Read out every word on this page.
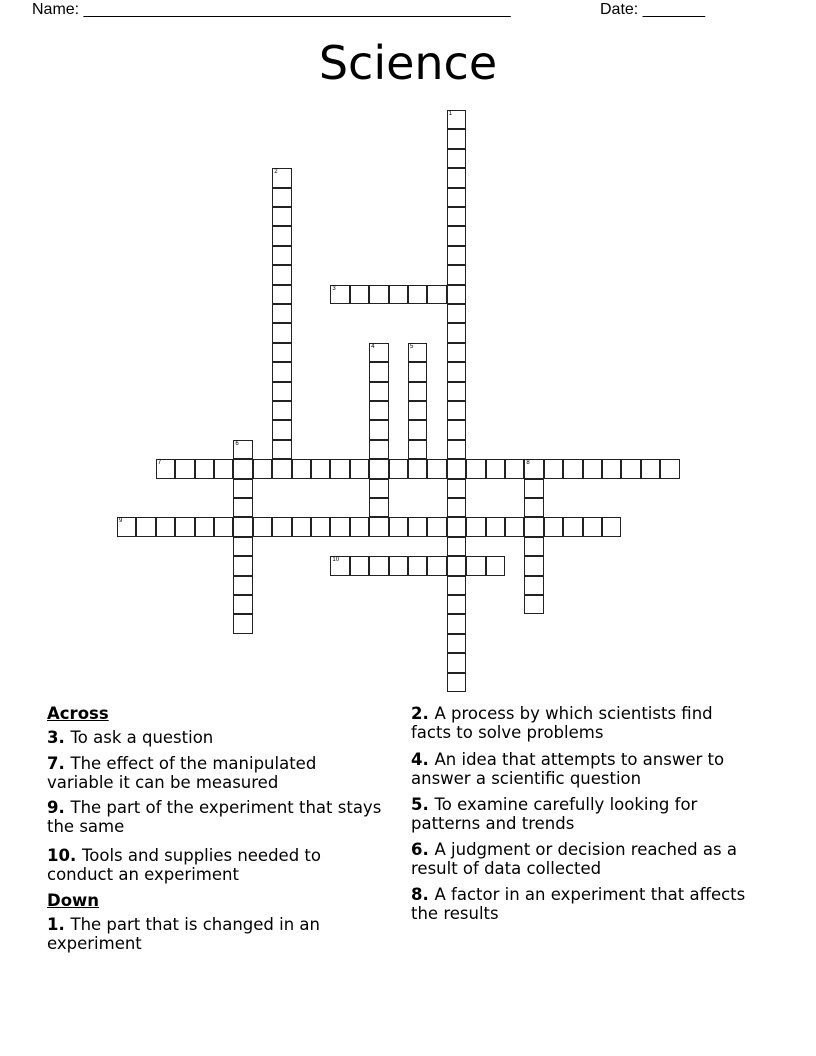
Name: ________________________________________________	Date: _______
Science
1
2
3
4	5
6
7	8
9
10
Across
3. To ask a question
7. The effect of the manipulated variable it can be measured
9. The part of the experiment that stays the same
10. Tools and supplies needed to conduct an experiment
Down
1. The part that is changed in an experiment
2. A process by which scientists find facts to solve problems
4. An idea that attempts to answer to answer a scientific question
5. To examine carefully looking for patterns and trends
6. A judgment or decision reached as a result of data collected
8. A factor in an experiment that affects the results
